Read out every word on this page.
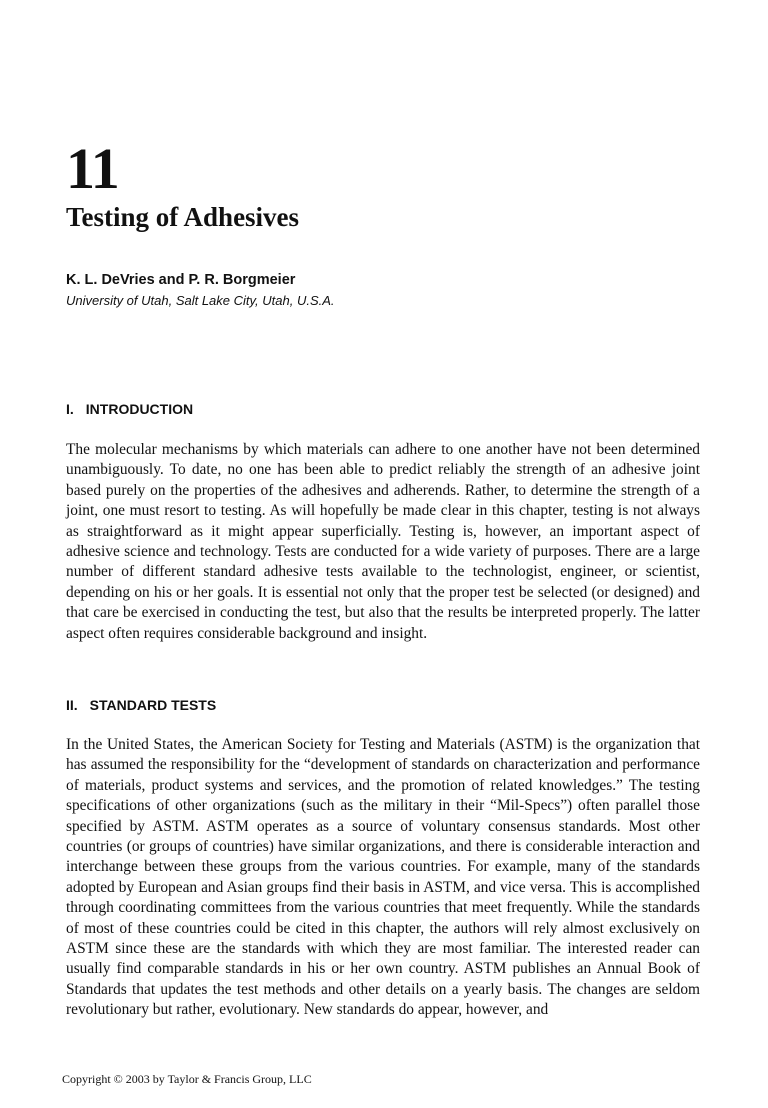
11
Testing of Adhesives
K. L. DeVries and P. R. Borgmeier
University of Utah, Salt Lake City, Utah, U.S.A.
I. INTRODUCTION

The molecular mechanisms by which materials can adhere to one another have not been determined unambiguously. To date, no one has been able to predict reliably the strength of an adhesive joint based purely on the properties of the adhesives and adherends. Rather, to determine the strength of a joint, one must resort to testing. As will hopefully be made clear in this chapter, testing is not always as straightforward as it might appear superficially. Testing is, however, an important aspect of adhesive science and technology. Tests are conducted for a wide variety of purposes. There are a large number of different standard adhesive tests available to the technologist, engineer, or scientist, depending on his or her goals. It is essential not only that the proper test be selected (or designed) and that care be exercised in conducting the test, but also that the results be interpreted properly. The latter aspect often requires considerable background and insight.

II. STANDARD TESTS

In the United States, the American Society for Testing and Materials (ASTM) is the organization that has assumed the responsibility for the “development of standards on characterization and performance of materials, product systems and services, and the promotion of related knowledges.” The testing specifications of other organizations (such as the military in their “Mil-Specs”) often parallel those specified by ASTM. ASTM operates as a source of voluntary consensus standards. Most other countries (or groups of countries) have similar organizations, and there is considerable interaction and interchange between these groups from the various countries. For example, many of the standards adopted by European and Asian groups find their basis in ASTM, and vice versa. This is accomplished through coordinating committees from the various countries that meet frequently. While the standards of most of these countries could be cited in this chapter, the authors will rely almost exclusively on ASTM since these are the standards with which they are most familiar. The interested reader can usually find comparable standards in his or her own country. ASTM publishes an Annual Book of Standards that updates the test methods and other details on a yearly basis. The changes are seldom revolutionary but rather, evolutionary. New standards do appear, however, and

Copyright © 2003 by Taylor & Francis Group, LLC
